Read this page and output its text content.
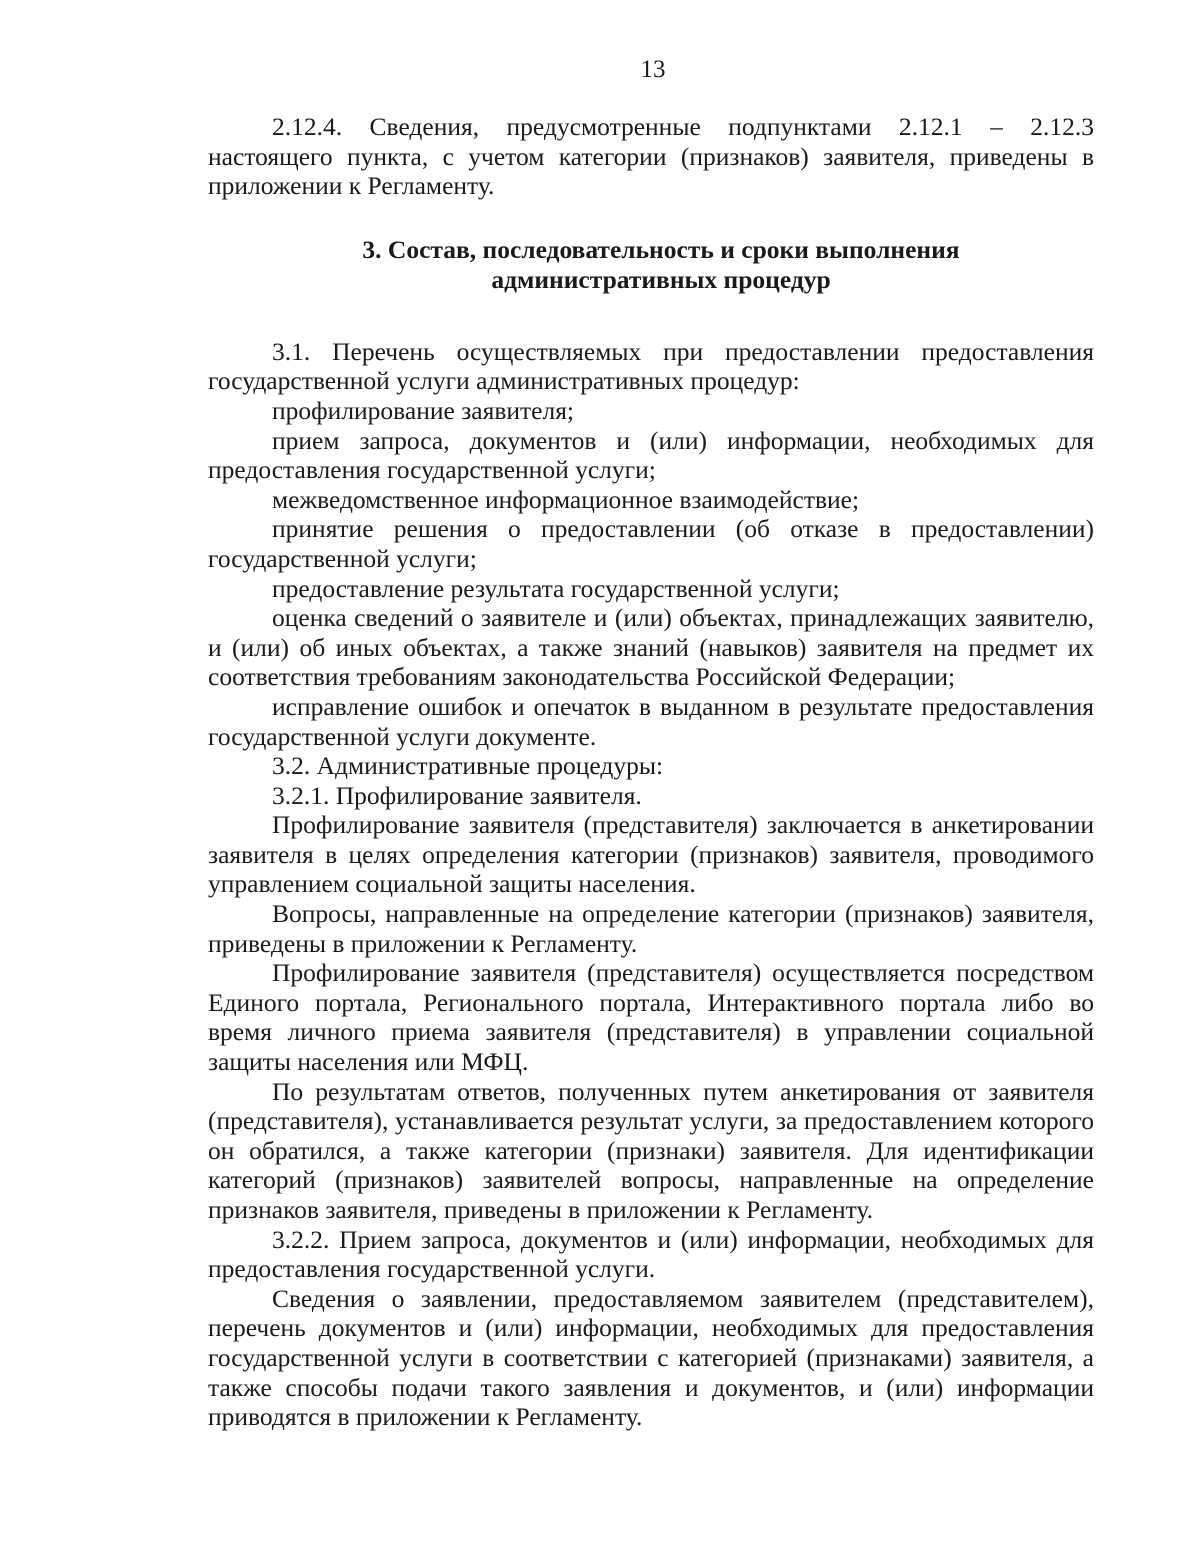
13

2.12.4. Сведения, предусмотренные подпунктами 2.12.1 – 2.12.3 настоящего пункта, с учетом категории (признаков) заявителя, приведены в приложении к Регламенту.

3. Состав, последовательность и сроки выполнения
административных процедур

3.1. Перечень осуществляемых при предоставлении предоставления государственной услуги административных процедур:

профилирование заявителя;

прием запроса, документов и (или) информации, необходимых для предоставления государственной услуги;

межведомственное информационное взаимодействие;

принятие решения о предоставлении (об отказе в предоставлении) государственной услуги;

предоставление результата государственной услуги;

оценка сведений о заявителе и (или) объектах, принадлежащих заявителю, и (или) об иных объектах, а также знаний (навыков) заявителя на предмет их соответствия требованиям законодательства Российской Федерации;

исправление ошибок и опечаток в выданном в результате предоставления государственной услуги документе.

3.2. Административные процедуры:

3.2.1. Профилирование заявителя.

Профилирование заявителя (представителя) заключается в анкетировании заявителя в целях определения категории (признаков) заявителя, проводимого управлением социальной защиты населения.

Вопросы, направленные на определение категории (признаков) заявителя, приведены в приложении к Регламенту.

Профилирование заявителя (представителя) осуществляется посредством Единого портала, Регионального портала, Интерактивного портала либо во время личного приема заявителя (представителя) в управлении социальной защиты населения или МФЦ.

По результатам ответов, полученных путем анкетирования от заявителя (представителя), устанавливается результат услуги, за предоставлением которого он обратился, а также категории (признаки) заявителя. Для идентификации категорий (признаков) заявителей вопросы, направленные на определение признаков заявителя, приведены в приложении к Регламенту.

3.2.2. Прием запроса, документов и (или) информации, необходимых для предоставления государственной услуги.

Сведения о заявлении, предоставляемом заявителем (представителем), перечень документов и (или) информации, необходимых для предоставления государственной услуги в соответствии с категорией (признаками) заявителя, а также способы подачи такого заявления и документов, и (или) информации приводятся в приложении к Регламенту.
